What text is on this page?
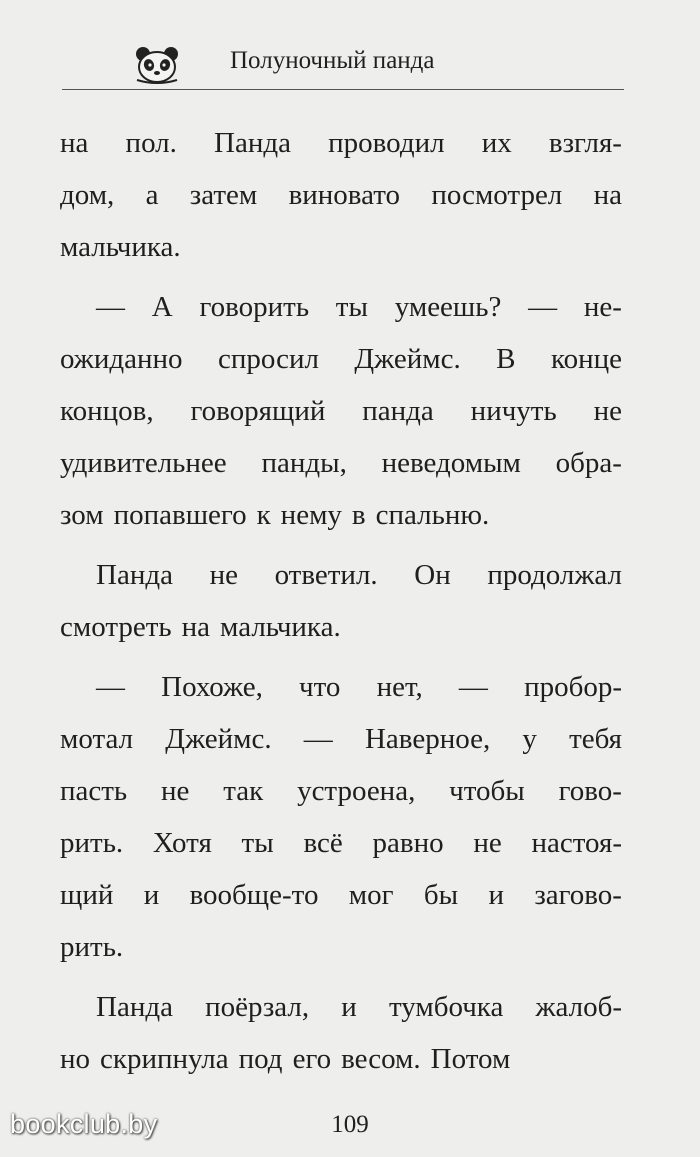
Полуночный панда
на пол. Панда проводил их взгля-
дом, а затем виновато посмотрел на
мальчика.
— А говорить ты умеешь? — не-
ожиданно спросил Джеймс. В конце
концов, говорящий панда ничуть не
удивительнее панды, неведомым обра-
зом попавшего к нему в спальню.
Панда не ответил. Он продолжал
смотреть на мальчика.
— Похоже, что нет, — пробор-
мотал Джеймс. — Наверное, у тебя
пасть не так устроена, чтобы гово-
рить. Хотя ты всё равно не настоя-
щий и вообще-то мог бы и загово-
рить.
Панда поёрзал, и тумбочка жалоб-
но скрипнула под его весом. Потом
109
bookclub.by
